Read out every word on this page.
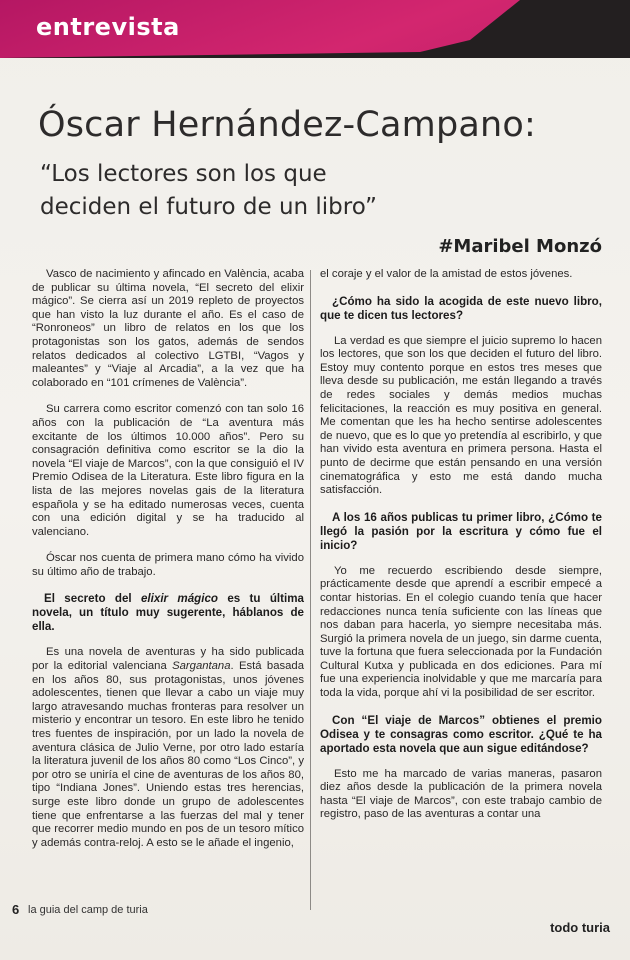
entrevista
Óscar Hernández-Campano:
“Los lectores son los que
deciden el futuro de un libro”
#Maribel Monzó

Vasco de nacimiento y afincado en València, acaba de publicar su última novela, “El secreto del elixir mágico”. Se cierra así un 2019 repleto de proyectos que han visto la luz durante el año. Es el caso de “Ronroneos” un libro de relatos en los que los protagonistas son los gatos, además de sendos relatos dedicados al colectivo LGTBI, “Vagos y maleantes” y “Viaje al Arcadia”, a la vez que ha colaborado en “101 crímenes de València”.

Su carrera como escritor comenzó con tan solo 16 años con la publicación de “La aventura más excitante de los últimos 10.000 años”. Pero su consagración definitiva como escritor se la dio la novela “El viaje de Marcos”, con la que consiguió el IV Premio Odisea de la Literatura. Este libro figura en la lista de las mejores novelas gais de la literatura española y se ha editado numerosas veces, cuenta con una edición digital y se ha traducido al valenciano.

Óscar nos cuenta de primera mano cómo ha vivido su último año de trabajo.

El secreto del elixir mágico es tu última novela, un título muy sugerente, háblanos de ella.

Es una novela de aventuras y ha sido publicada por la editorial valenciana Sargantana. Está basada en los años 80, sus protagonistas, unos jóvenes adolescentes, tienen que llevar a cabo un viaje muy largo atravesando muchas fronteras para resolver un misterio y encontrar un tesoro. En este libro he tenido tres fuentes de inspiración, por un lado la novela de aventura clásica de Julio Verne, por otro lado estaría la literatura juvenil de los años 80 como “Los Cinco”, y por otro se uniría el cine de aventuras de los años 80, tipo “Indiana Jones”. Uniendo estas tres herencias, surge este libro donde un grupo de adolescentes tiene que enfrentarse a las fuerzas del mal y tener que recorrer medio mundo en pos de un tesoro mítico y además contra-reloj. A esto se le añade el ingenio,

el coraje y el valor de la amistad de estos jóvenes.

¿Cómo ha sido la acogida de este nuevo libro, que te dicen tus lectores?

La verdad es que siempre el juicio supremo lo hacen los lectores, que son los que deciden el futuro del libro. Estoy muy contento porque en estos tres meses que lleva desde su publicación, me están llegando a través de redes sociales y demás medios muchas felicitaciones, la reacción es muy positiva en general. Me comentan que les ha hecho sentirse adolescentes de nuevo, que es lo que yo pretendía al escribirlo, y que han vivido esta aventura en primera persona. Hasta el punto de decirme que están pensando en una versión cinematográfica y esto me está dando mucha satisfacción.

A los 16 años publicas tu primer libro, ¿Cómo te llegó la pasión por la escritura y cómo fue el inicio?

Yo me recuerdo escribiendo desde siempre, prácticamente desde que aprendí a escribir empecé a contar historias. En el colegio cuando tenía que hacer redacciones nunca tenía suficiente con las líneas que nos daban para hacerla, yo siempre necesitaba más. Surgió la primera novela de un juego, sin darme cuenta, tuve la fortuna que fuera seleccionada por la Fundación Cultural Kutxa y publicada en dos ediciones. Para mí fue una experiencia inolvidable y que me marcaría para toda la vida, porque ahí vi la posibilidad de ser escritor.

Con “El viaje de Marcos” obtienes el premio Odisea y te consagras como escritor. ¿Qué te ha aportado esta novela que aun sigue editándose?

Esto me ha marcado de varias maneras, pasaron diez años desde la publicación de la primera novela hasta “El viaje de Marcos”, con este trabajo cambio de registro, paso de las aventuras a contar una

6 la guia del camp de turia
todo turia
